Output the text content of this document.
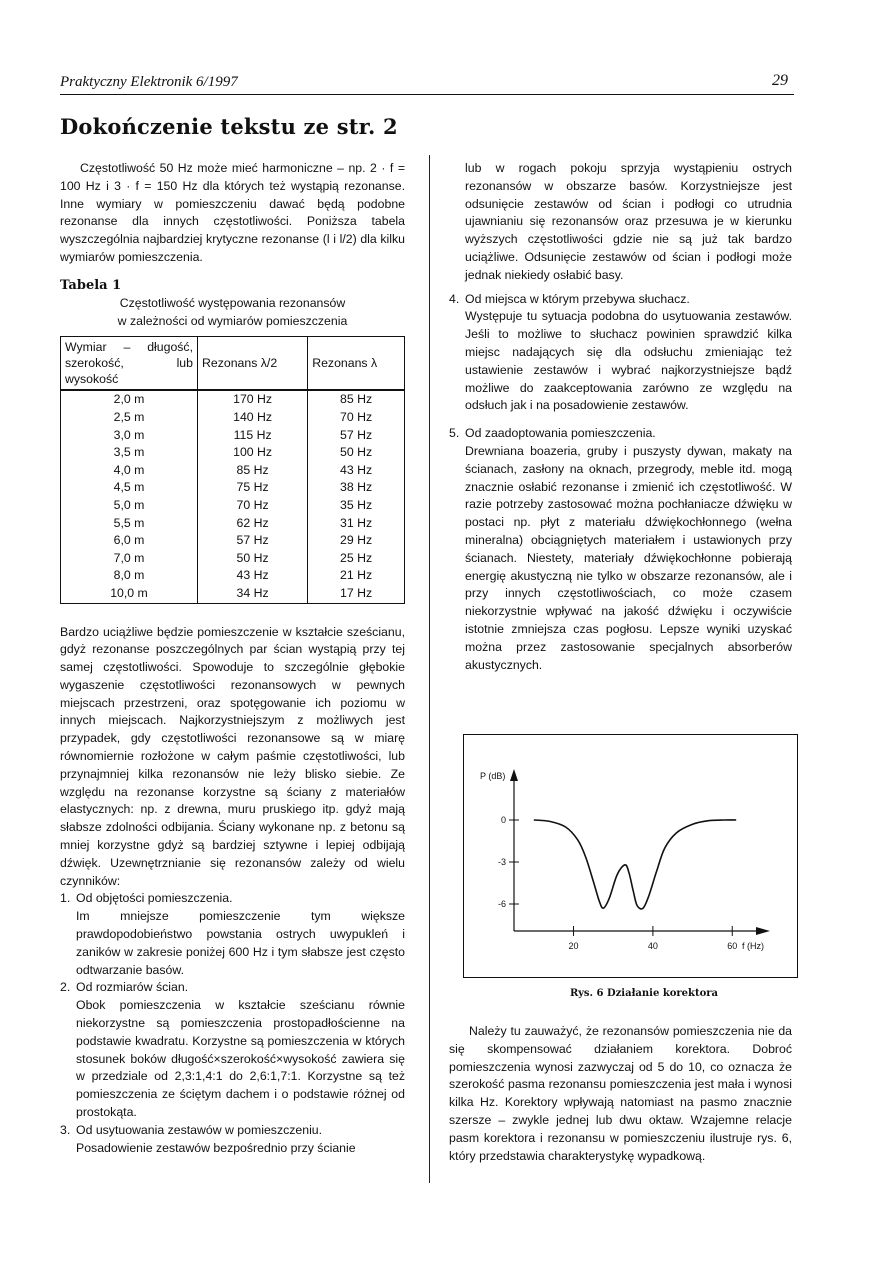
Praktyczny Elektronik 6/1997	29
Dokończenie tekstu ze str. 2

Częstotliwość 50 Hz może mieć harmoniczne – np. 2 · f = 100 Hz i 3 · f = 150 Hz dla których też wystąpią rezonanse. Inne wymiary w pomieszczeniu dawać będą podobne rezonanse dla innych częstotliwości. Poniższa tabela wyszczególnia najbardziej krytyczne rezonanse (l i l/2) dla kilku wymiarów pomieszczenia.

Tabela 1
Częstotliwość występowania rezonansów
w zależności od wymiarów pomieszczenia
Wymiar – długość, szerokość, lub wysokość	Rezonans λ/2	Rezonans λ
2,0 m	170 Hz	85 Hz
2,5 m	140 Hz	70 Hz
3,0 m	115 Hz	57 Hz
3,5 m	100 Hz	50 Hz
4,0 m	85 Hz	43 Hz
4,5 m	75 Hz	38 Hz
5,0 m	70 Hz	35 Hz
5,5 m	62 Hz	31 Hz
6,0 m	57 Hz	29 Hz
7,0 m	50 Hz	25 Hz
8,0 m	43 Hz	21 Hz
10,0 m	34 Hz	17 Hz

Bardzo uciążliwe będzie pomieszczenie w kształcie sześcianu, gdyż rezonanse poszczególnych par ścian wystąpią przy tej samej częstotliwości. Spowoduje to szczególnie głębokie wygaszenie częstotliwości rezonansowych w pewnych miejscach przestrzeni, oraz spotęgowanie ich poziomu w innych miejscach. Najkorzystniejszym z możliwych jest przypadek, gdy częstotliwości rezonansowe są w miarę równomiernie rozłożone w całym paśmie częstotliwości, lub przynajmniej kilka rezonansów nie leży blisko siebie. Ze względu na rezonanse korzystne są ściany z materiałów elastycznych: np. z drewna, muru pruskiego itp. gdyż mają słabsze zdolności odbijania. Ściany wykonane np. z betonu są mniej korzystne gdyż są bardziej sztywne i lepiej odbijają dźwięk. Uzewnętrznianie się rezonansów zależy od wielu czynników:

1. Od objętości pomieszczenia.
Im mniejsze pomieszczenie tym większe prawdopodobieństwo powstania ostrych uwypukleń i zaników w zakresie poniżej 600 Hz i tym słabsze jest często odtwarzanie basów.
2. Od rozmiarów ścian.
Obok pomieszczenia w kształcie sześcianu równie niekorzystne są pomieszczenia prostopadłościenne na podstawie kwadratu. Korzystne są pomieszczenia w których stosunek boków długość×szerokość×wysokość zawiera się w przedziale od 2,3:1,4:1 do 2,6:1,7:1. Korzystne są też pomieszczenia ze ściętym dachem i o podstawie różnej od prostokąta.
3. Od usytuowania zestawów w pomieszczeniu.
Posadowienie zestawów bezpośrednio przy ścianie

lub w rogach pokoju sprzyja wystąpieniu ostrych rezonansów w obszarze basów. Korzystniejsze jest odsunięcie zestawów od ścian i podłogi co utrudnia ujawnianiu się rezonansów oraz przesuwa je w kierunku wyższych częstotliwości gdzie nie są już tak bardzo uciążliwe. Odsunięcie zestawów od ścian i podłogi może jednak niekiedy osłabić basy.

4. Od miejsca w którym przebywa słuchacz.
Występuje tu sytuacja podobna do usytuowania zestawów. Jeśli to możliwe to słuchacz powinien sprawdzić kilka miejsc nadających się dla odsłuchu zmieniając też ustawienie zestawów i wybrać najkorzystniejsze bądź możliwe do zaakceptowania zarówno ze względu na odsłuch jak i na posadowienie zestawów.
5. Od zaadoptowania pomieszczenia.
Drewniana boazeria, gruby i puszysty dywan, makaty na ścianach, zasłony na oknach, przegrody, meble itd. mogą znacznie osłabić rezonanse i zmienić ich częstotliwość. W razie potrzeby zastosować można pochłaniacze dźwięku w postaci np. płyt z materiału dźwiękochłonnego (wełna mineralna) obciągniętych materiałem i ustawionych przy ścianach. Niestety, materiały dźwiękochłonne pobierają energię akustyczną nie tylko w obszarze rezonansów, ale i przy innych częstotliwościach, co może czasem niekorzystnie wpływać na jakość dźwięku i oczywiście istotnie zmniejsza czas pogłosu. Lepsze wyniki uzyskać można przez zastosowanie specjalnych absorberów akustycznych.
P (dB)
f (Hz)
0
-3
-6
20	40	60
Rys. 6 Działanie korektora

Należy tu zauważyć, że rezonansów pomieszczenia nie da się skompensować działaniem korektora. Dobroć pomieszczenia wynosi zazwyczaj od 5 do 10, co oznacza że szerokość pasma rezonansu pomieszczenia jest mała i wynosi kilka Hz. Korektory wpływają natomiast na pasmo znacznie szersze – zwykle jednej lub dwu oktaw. Wzajemne relacje pasm korektora i rezonansu w pomieszczeniu ilustruje rys. 6, który przedstawia charakterystykę wypadkową.
